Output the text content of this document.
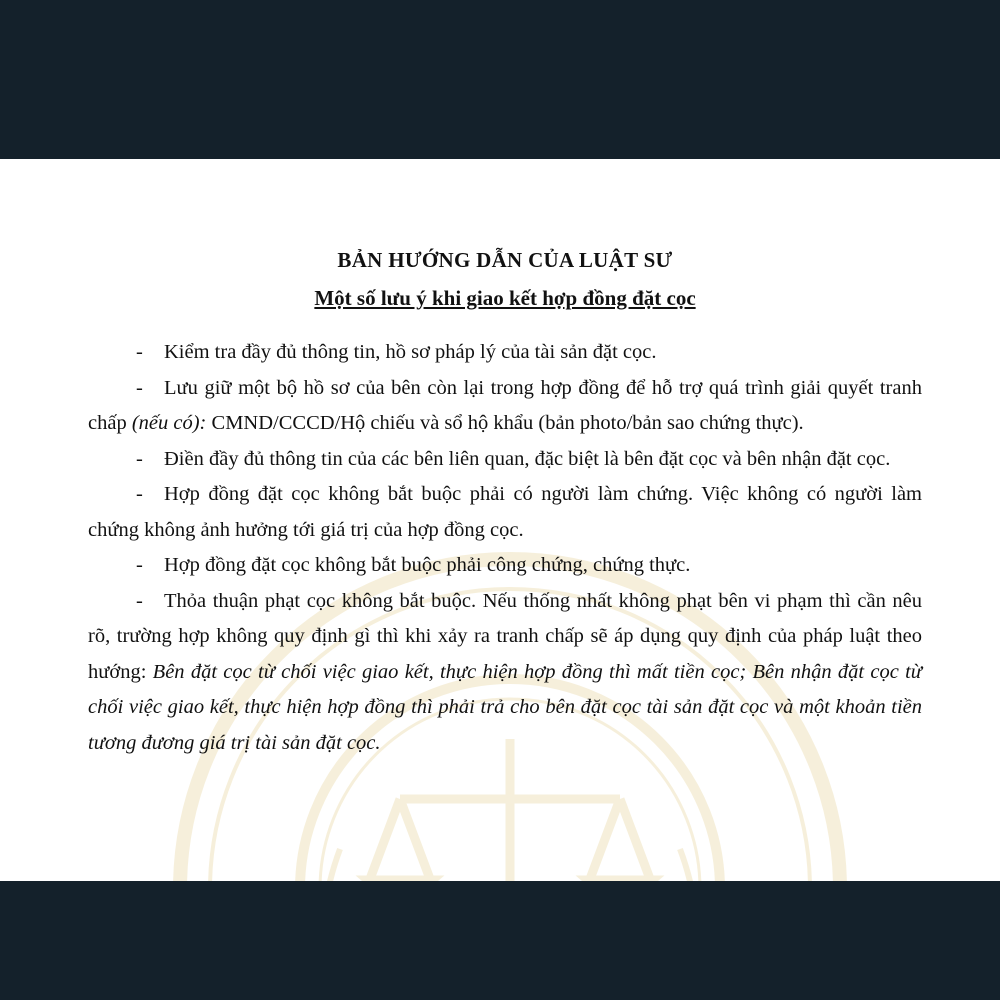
BẢN HƯỚNG DẪN CỦA LUẬT SƯ
Một số lưu ý khi giao kết hợp đồng đặt cọc
- Kiểm tra đầy đủ thông tin, hồ sơ pháp lý của tài sản đặt cọc.
- Lưu giữ một bộ hồ sơ của bên còn lại trong hợp đồng để hỗ trợ quá trình giải quyết tranh chấp (nếu có): CMND/CCCD/Hộ chiếu và sổ hộ khẩu (bản photo/bản sao chứng thực).
- Điền đầy đủ thông tin của các bên liên quan, đặc biệt là bên đặt cọc và bên nhận đặt cọc.
- Hợp đồng đặt cọc không bắt buộc phải có người làm chứng. Việc không có người làm chứng không ảnh hưởng tới giá trị của hợp đồng cọc.
- Hợp đồng đặt cọc không bắt buộc phải công chứng, chứng thực.
- Thỏa thuận phạt cọc không bắt buộc. Nếu thống nhất không phạt bên vi phạm thì cần nêu rõ, trường hợp không quy định gì thì khi xảy ra tranh chấp sẽ áp dụng quy định của pháp luật theo hướng: Bên đặt cọc từ chối việc giao kết, thực hiện hợp đồng thì mất tiền cọc; Bên nhận đặt cọc từ chối việc giao kết, thực hiện hợp đồng thì phải trả cho bên đặt cọc tài sản đặt cọc và một khoản tiền tương đương giá trị tài sản đặt cọc.
